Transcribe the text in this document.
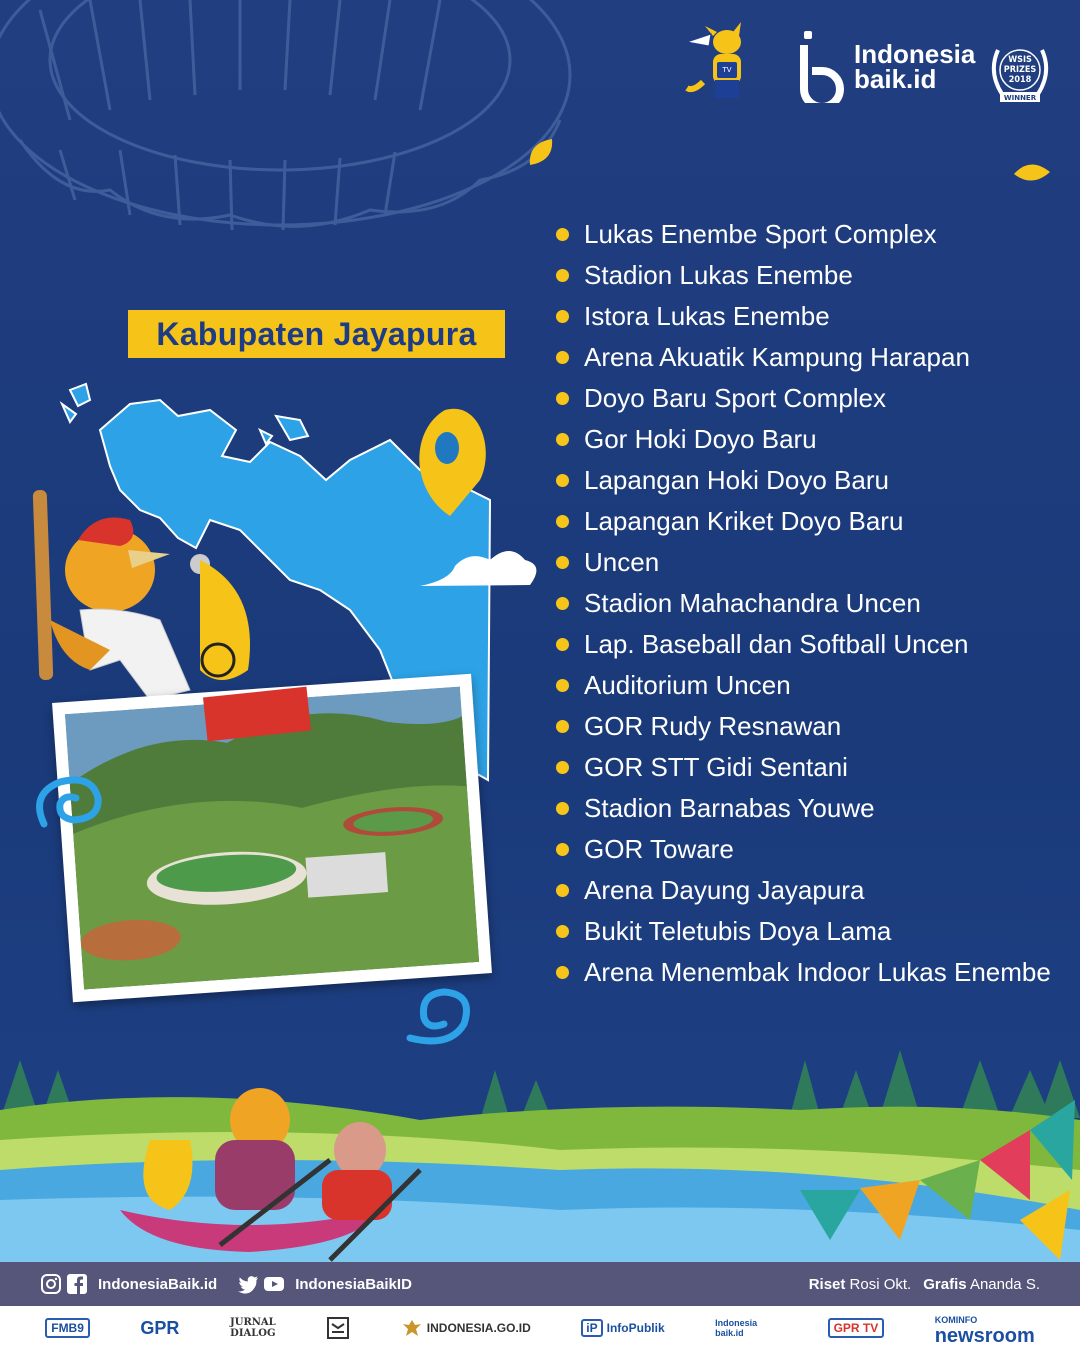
TV
Indonesia
baik.id
WSIS
PRIZES
2018
WINNER
Kabupaten Jayapura
Lukas Enembe Sport Complex
Stadion Lukas Enembe
Istora Lukas Enembe
Arena Akuatik Kampung Harapan
Doyo Baru Sport Complex
Gor Hoki Doyo Baru
Lapangan Hoki Doyo Baru
Lapangan Kriket Doyo Baru
Uncen
Stadion Mahachandra Uncen
Lap. Baseball dan Softball Uncen
Auditorium Uncen
GOR Rudy Resnawan
GOR STT Gidi Sentani
Stadion Barnabas Youwe
GOR Toware
Arena Dayung Jayapura
Bukit Teletubis Doya Lama
Arena Menembak Indoor Lukas Enembe
IndonesiaBaik.id	IndonesiaBaikID	Riset Rosi Okt. Grafis Ananda S.
FMB9	GPR	JURNAL DIALOG	INDONESIA.GO.ID	iP InfoPublik	Indonesia baik.id	GPR TV
KOMINFO
newsroom
